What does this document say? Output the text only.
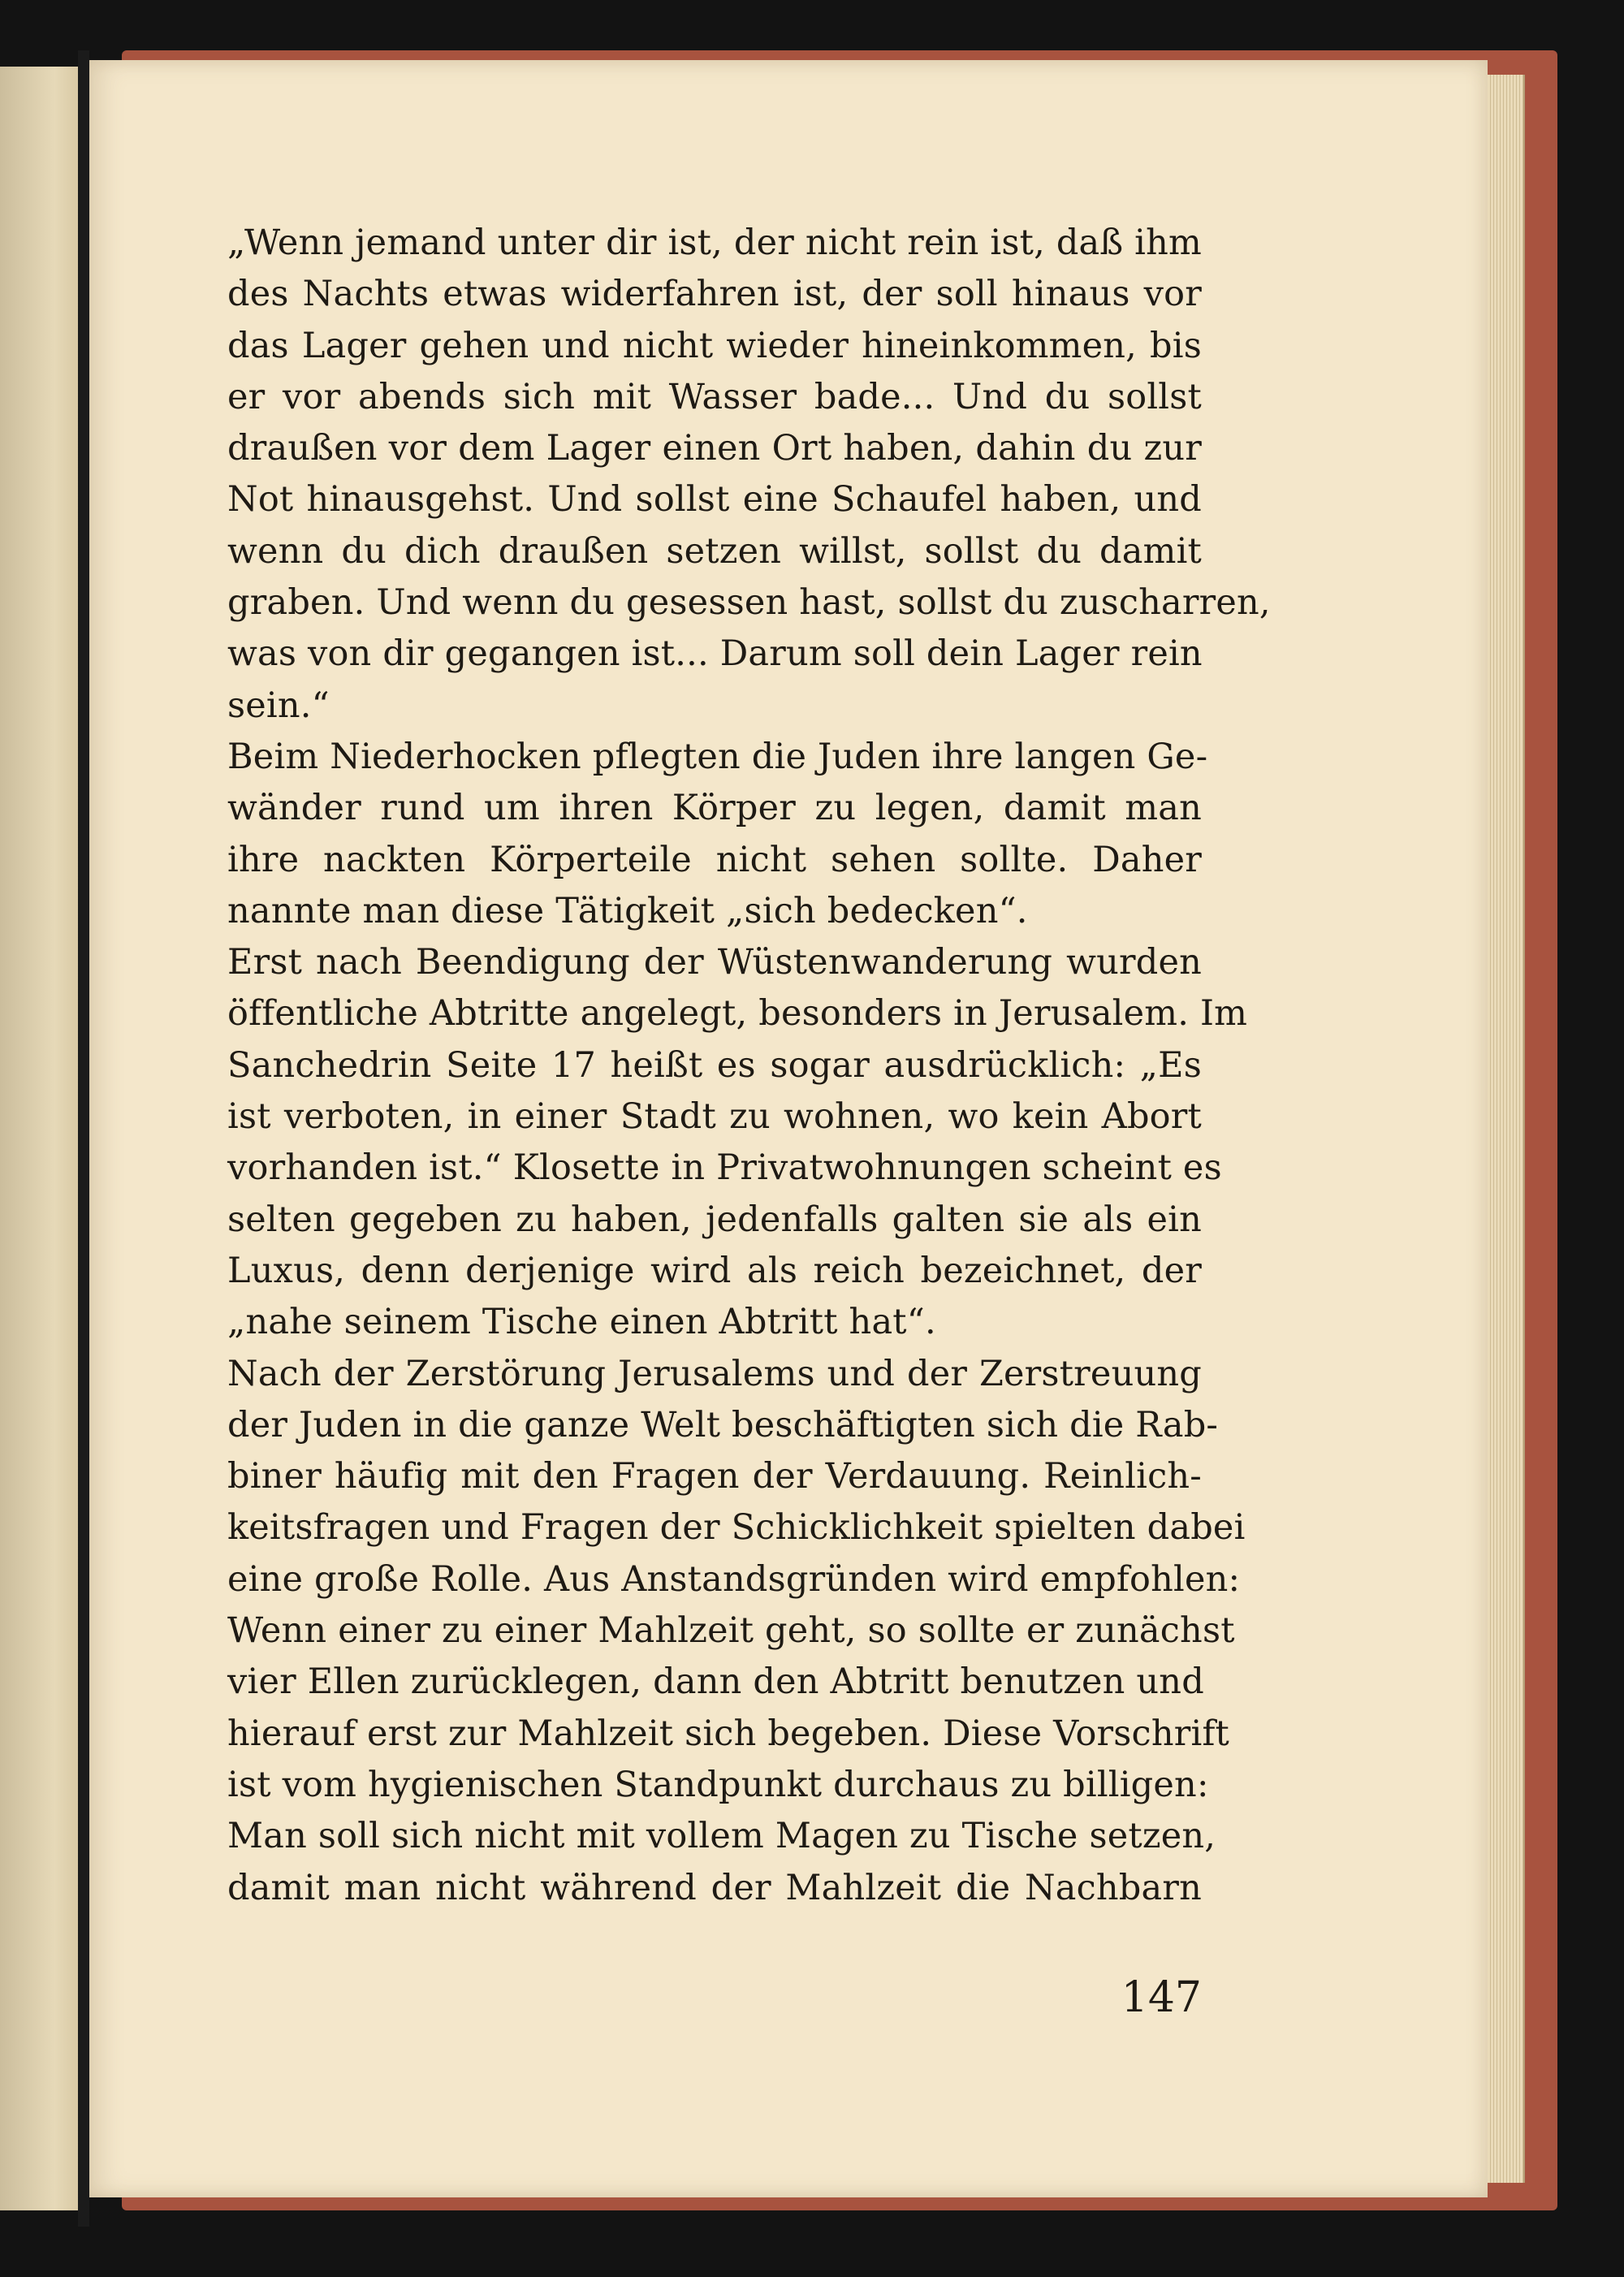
„Wenn jemand unter dir ist, der nicht rein ist, daß ihm
des Nachts etwas widerfahren ist, der soll hinaus vor
das Lager gehen und nicht wieder hineinkommen, bis
er vor abends sich mit Wasser bade... Und du sollst
draußen vor dem Lager einen Ort haben, dahin du zur
Not hinausgehst. Und sollst eine Schaufel haben, und
wenn du dich draußen setzen willst, sollst du damit
graben. Und wenn du gesessen hast, sollst du zuscharren,
was von dir gegangen ist... Darum soll dein Lager rein
sein.“
Beim Niederhocken pflegten die Juden ihre langen Ge-
wänder rund um ihren Körper zu legen, damit man
ihre nackten Körperteile nicht sehen sollte. Daher
nannte man diese Tätigkeit „sich bedecken“.
Erst nach Beendigung der Wüstenwanderung wurden
öffentliche Abtritte angelegt, besonders in Jerusalem. Im
Sanchedrin Seite 17 heißt es sogar ausdrücklich: „Es
ist verboten, in einer Stadt zu wohnen, wo kein Abort
vorhanden ist.“ Klosette in Privatwohnungen scheint es
selten gegeben zu haben, jedenfalls galten sie als ein
Luxus, denn derjenige wird als reich bezeichnet, der
„nahe seinem Tische einen Abtritt hat“.
Nach der Zerstörung Jerusalems und der Zerstreuung
der Juden in die ganze Welt beschäftigten sich die Rab-
biner häufig mit den Fragen der Verdauung. Reinlich-
keitsfragen und Fragen der Schicklichkeit spielten dabei
eine große Rolle. Aus Anstandsgründen wird empfohlen:
Wenn einer zu einer Mahlzeit geht, so sollte er zunächst
vier Ellen zurücklegen, dann den Abtritt benutzen und
hierauf erst zur Mahlzeit sich begeben. Diese Vorschrift
ist vom hygienischen Standpunkt durchaus zu billigen:
Man soll sich nicht mit vollem Magen zu Tische setzen,
damit man nicht während der Mahlzeit die Nachbarn
147
